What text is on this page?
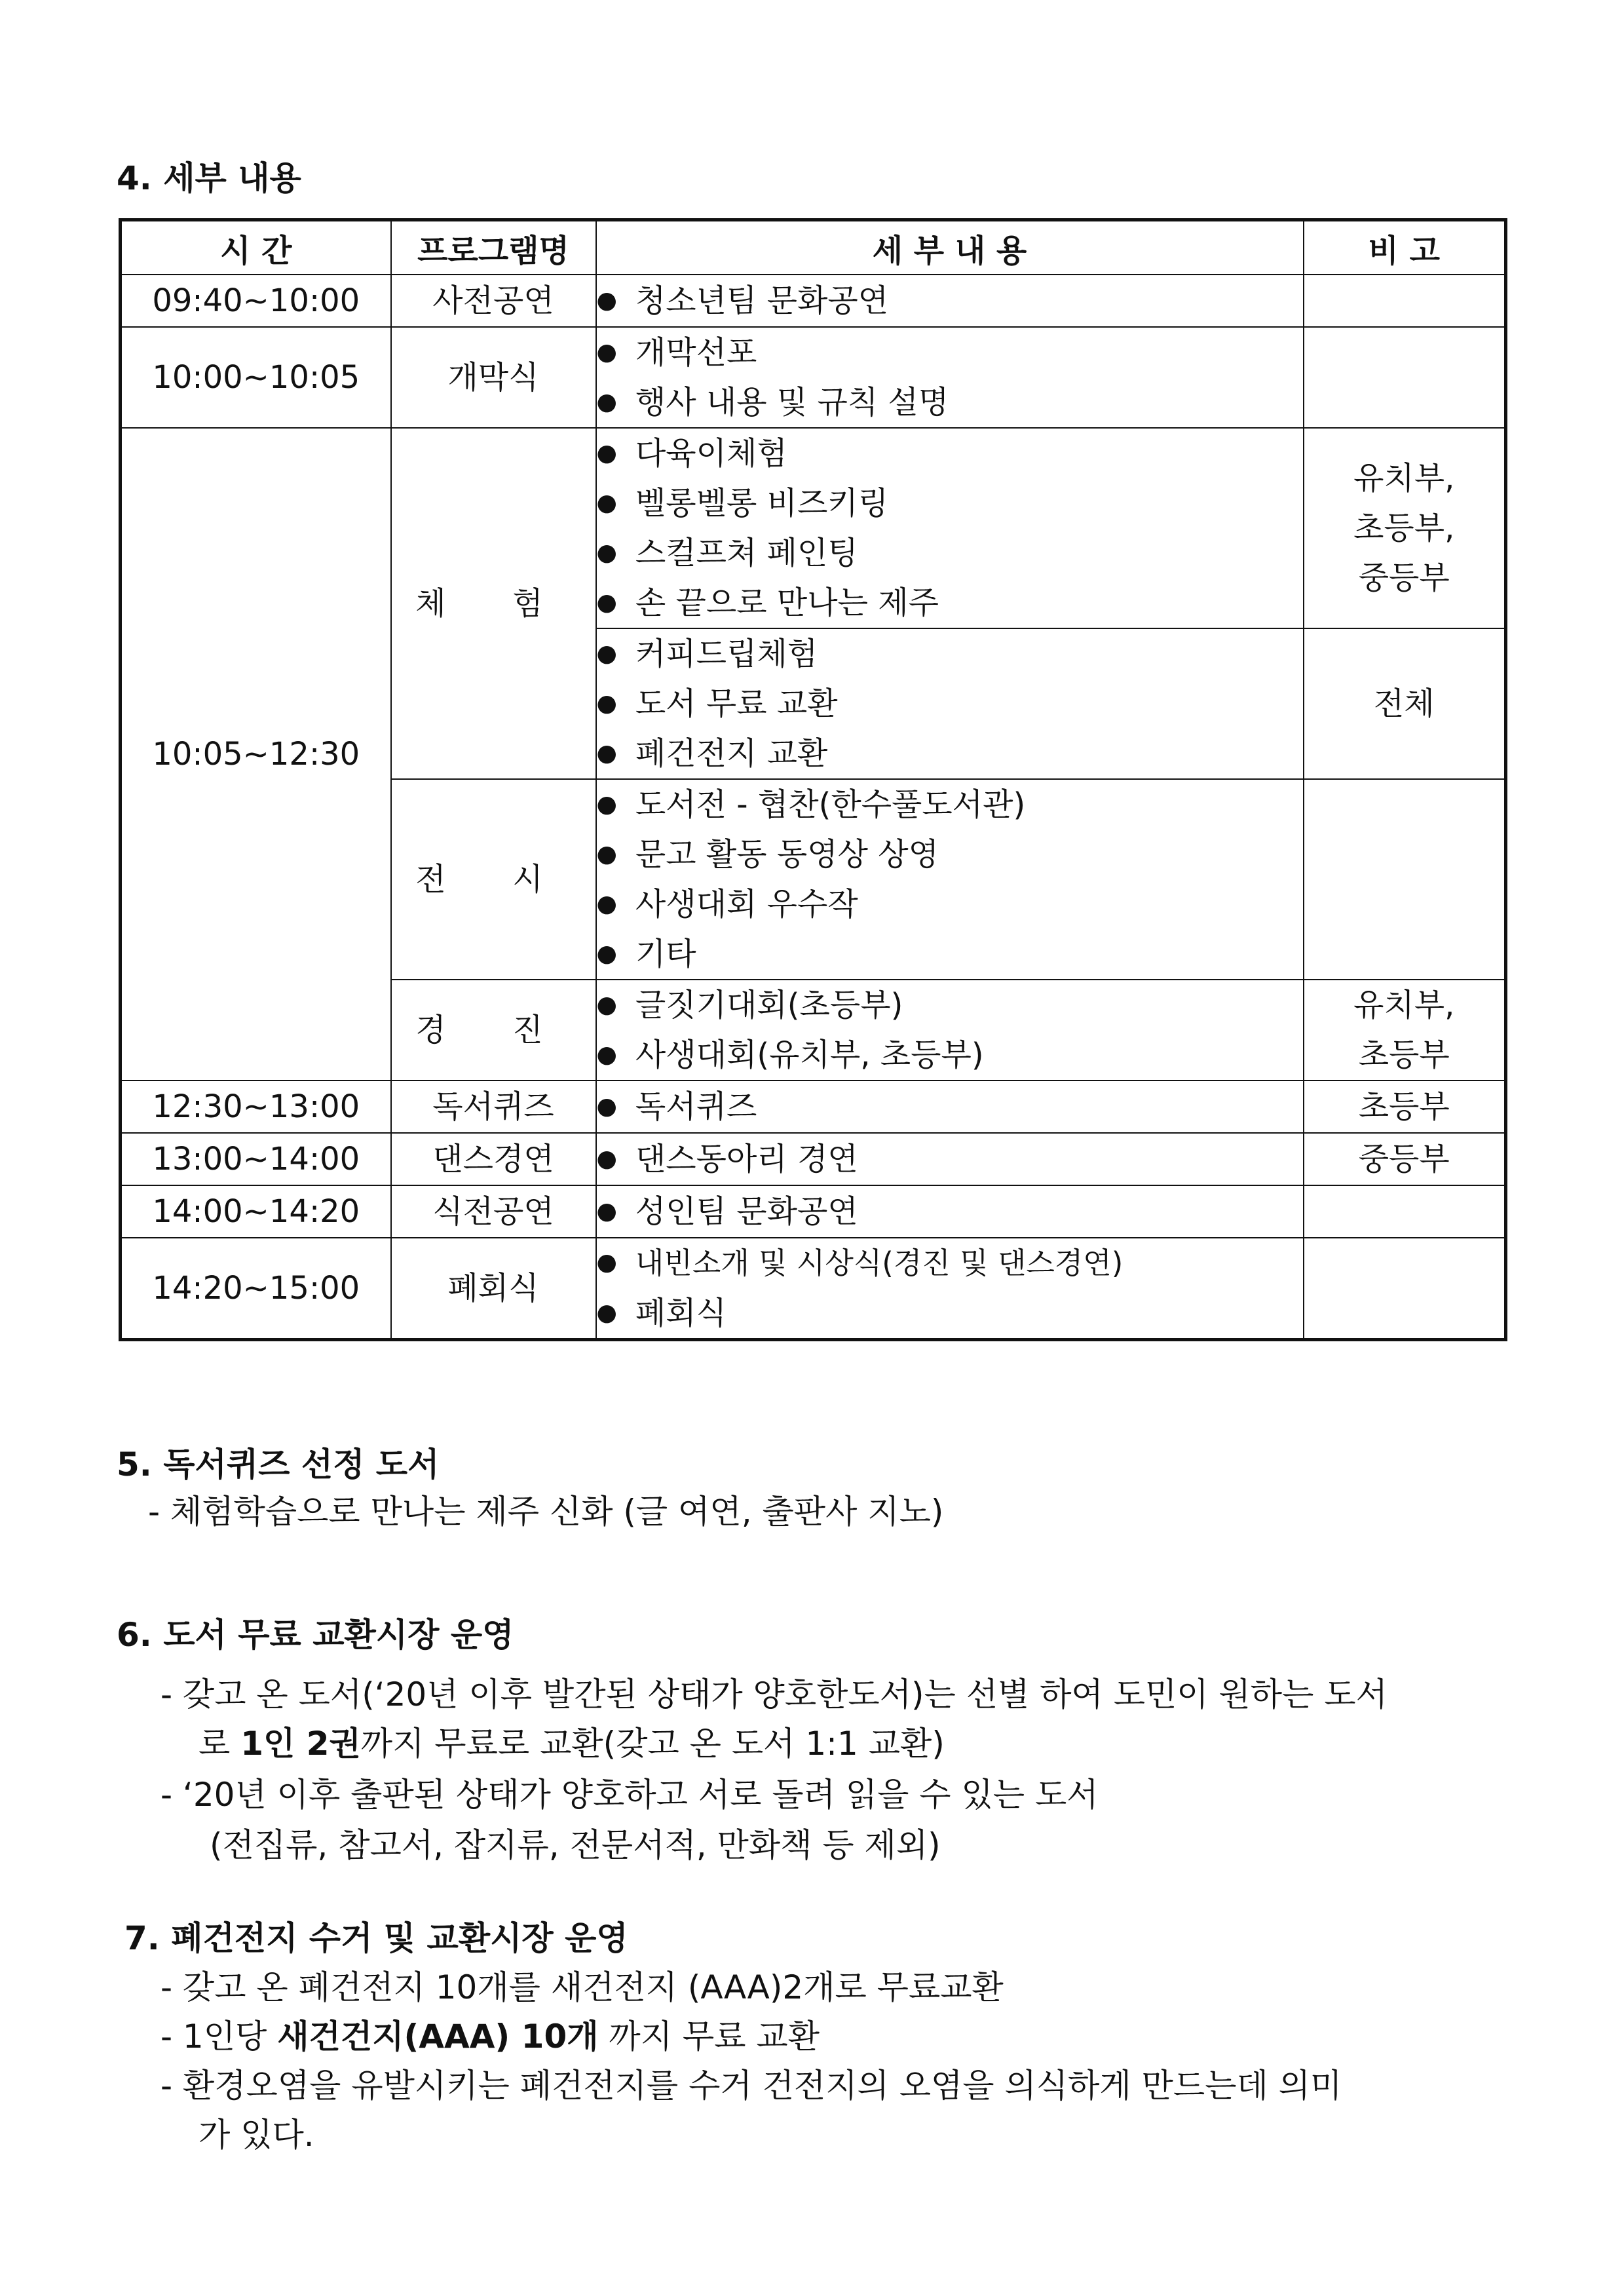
4. 세부 내용
시 간	프로그램명	세 부 내 용	비 고
09:40~10:00	사전공연	● 청소년팀 문화공연

10:00~10:05	개막식	● 개막선포
● 행사 내용 및 규칙 설명

10:05~12:30	체 험	● 다육이체험
● 벨롱벨롱 비즈키링
● 스컬프쳐 페인팅
● 손 끝으로 만나는 제주	유치부,
초등부,
중등부

		● 커피드립체험
● 도서 무료 교환
● 폐건전지 교환	전체
	전 시	● 도서전 - 협찬(한수풀도서관)
● 문고 활동 동영상 상영
● 사생대회 우수작
● 기타

	경 진	● 글짓기대회(초등부)
● 사생대회(유치부, 초등부)	유치부,
초등부

12:30~13:00	독서퀴즈	● 독서퀴즈	초등부
13:00~14:00	댄스경연	● 댄스동아리 경연	중등부
14:00~14:20	식전공연	● 성인팀 문화공연

14:20~15:00	폐회식	● 내빈소개 및 시상식(경진 및 댄스경연)
● 폐회식

5. 독서퀴즈 선정 도서
- 체험학습으로 만나는 제주 신화 (글 여연, 출판사 지노)
6. 도서 무료 교환시장 운영
- 갖고 온 도서(‘20년 이후 발간된 상태가 양호한도서)는 선별 하여 도민이 원하는 도서
로 1인 2권까지 무료로 교환(갖고 온 도서 1:1 교환)
- ‘20년 이후 출판된 상태가 양호하고 서로 돌려 읽을 수 있는 도서
(전집류, 참고서, 잡지류, 전문서적, 만화책 등 제외)
7. 폐건전지 수거 및 교환시장 운영
- 갖고 온 폐건전지 10개를 새건전지 (AAA)2개로 무료교환
- 1인당 새건건지(AAA) 10개 까지 무료 교환
- 환경오염을 유발시키는 폐건전지를 수거 건전지의 오염을 의식하게 만드는데 의미
가 있다.
